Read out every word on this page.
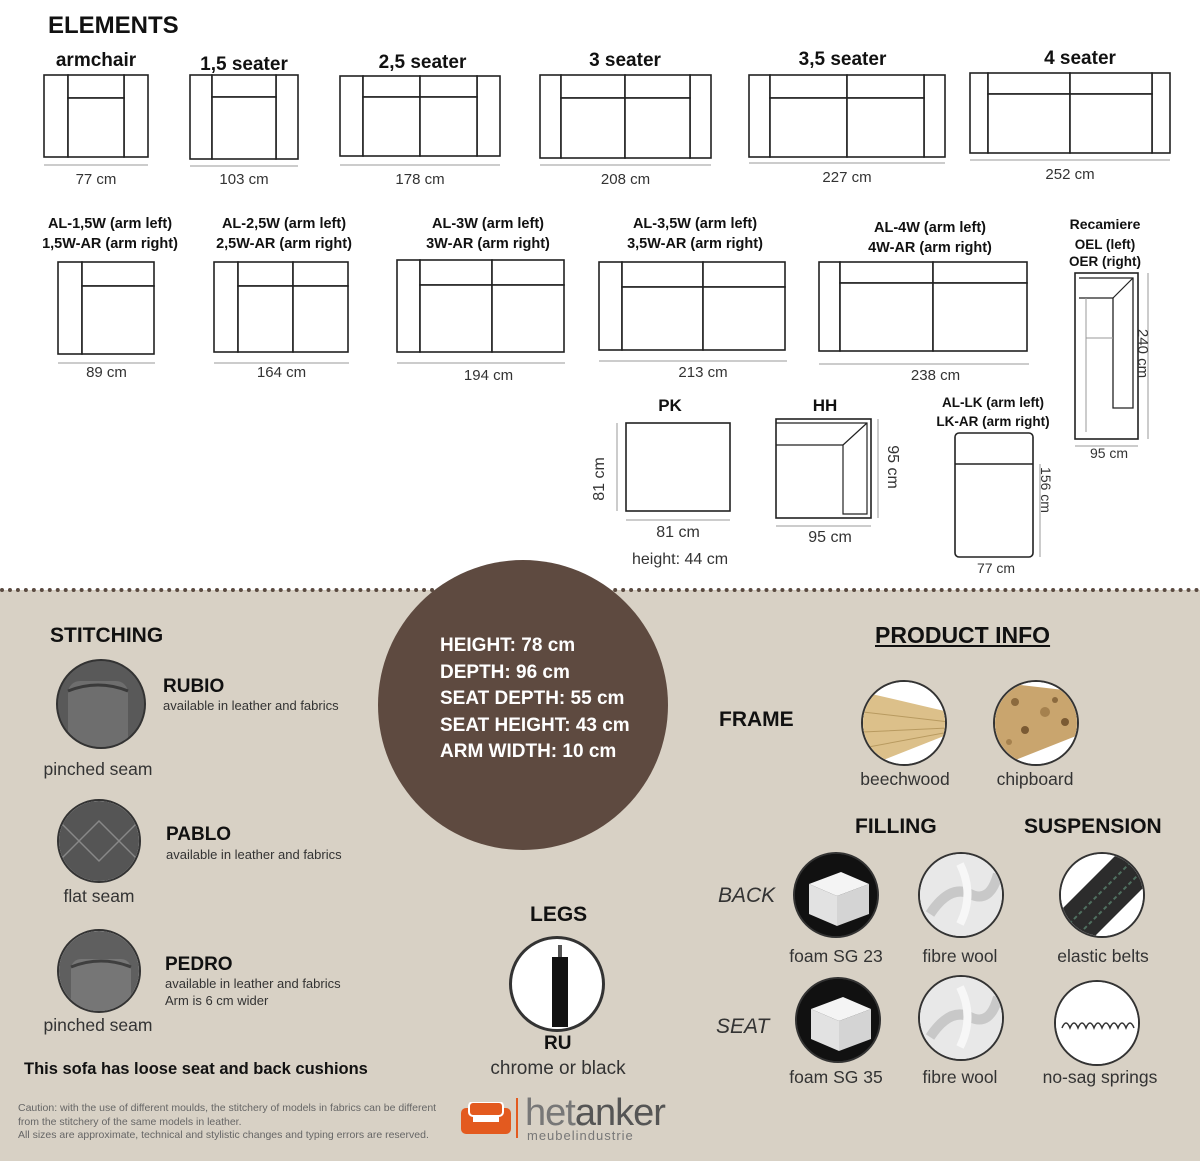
ELEMENTS
armchair	1,5 seater	2,5 seater	3 seater	3,5 seater	4 seater
77 cm	103 cm	178 cm	208 cm	227 cm	252 cm
AL-1,5W (arm left)
1,5W-AR (arm right)
AL-2,5W (arm left)
2,5W-AR (arm right)
AL-3W (arm left)
3W-AR (arm right)
AL-3,5W (arm left)
3,5W-AR (arm right)
AL-4W (arm left)
4W-AR (arm right)
89 cm	164 cm	194 cm	213 cm	238 cm
Recamiere
OEL (left)
OER (right)
240 cm
95 cm
PK
81 cm
81 cm
height: 44 cm
HH
95 cm
95 cm
AL-LK (arm left)
LK-AR (arm right)
156 cm
77 cm
HEIGHT: 78 cm
DEPTH: 96 cm
SEAT DEPTH: 55 cm
SEAT HEIGHT: 43 cm
ARM WIDTH: 10 cm
STITCHING
RUBIO
available in leather and fabrics
pinched seam
PABLO
available in leather and fabrics
flat seam
PEDRO
available in leather and fabrics
Arm is 6 cm wider
pinched seam
This sofa has loose seat and back cushions
Caution: with the use of different moulds, the stitchery of models in fabrics can be different
from the stitchery of the same models in leather.
All sizes are approximate, technical and stylistic changes and typing errors are reserved.
LEGS
RU
chrome or black
hetanker
meubelindustrie
PRODUCT INFO
FRAME
beechwood	chipboard
FILLING	SUSPENSION
BACK
SEAT
foam SG 23	fibre wool	elastic belts
foam SG 35	fibre wool	no-sag springs
